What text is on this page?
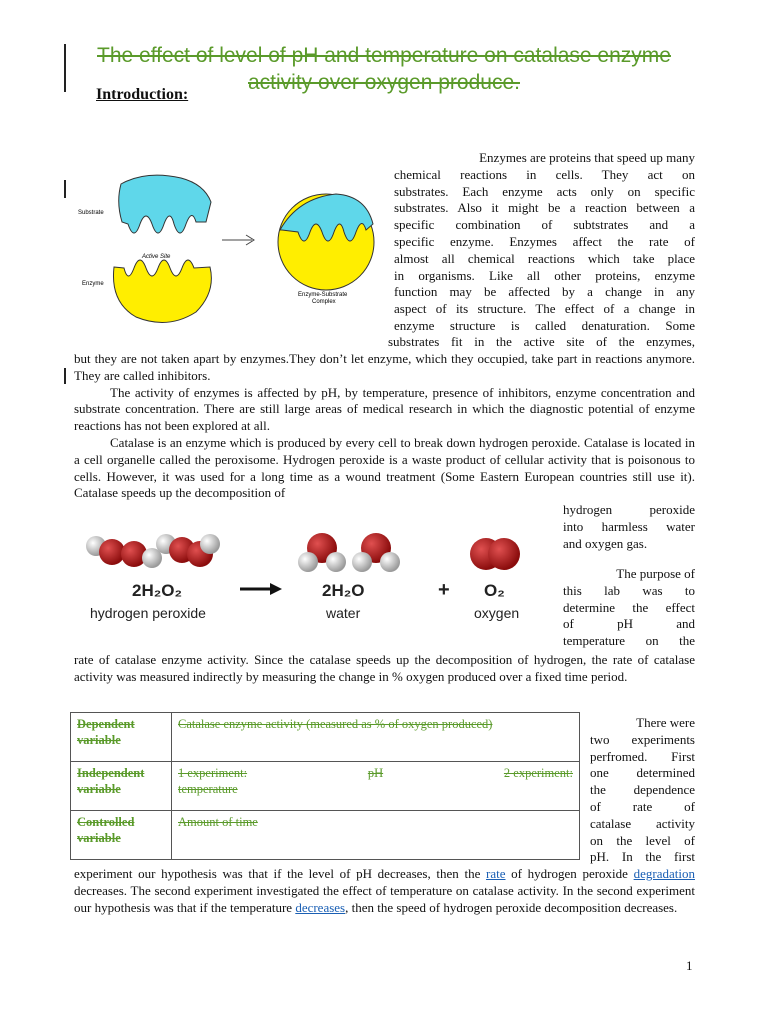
The effect of level of pH and temperature on catalase enzyme activity over oxygen produce.
Introduction:
Substrate
Active Site
Enzyme
Enzyme-Substrate
Complex
Enzymes are proteins that speed up many
chemical reactions in cells. They act on
substrates. Each enzyme acts only on specific
substrates. Also it might be a reaction between a
specific combination of subtstrates and a
specific enzyme. Enzymes affect the rate of
almost all chemical reactions which take place
in organisms. Like all other proteins, enzyme
function may be affected by a change in any
aspect of its structure. The effect of a change in
enzyme structure is called denaturation. Some
substrates fit in the active site of the enzymes,

but they are not taken apart by enzymes.They don’t let enzyme, which they occupied, take part in reactions anymore. They are called inhibitors.

The activity of enzymes is affected by pH, by temperature, presence of inhibitors, enzyme concentration and substrate concentration. There are still large areas of medical research in which the diagnostic potential of enzyme reactions has not been explored at all.

Catalase is an enzyme which is produced by every cell to break down hydrogen peroxide. Catalase is located in a cell organelle called the peroxisome. Hydrogen peroxide is a waste product of cellular activity that is poisonous to cells. However, it was used for a long time as a wound treatment (Some Eastern European countries still use it). Catalase speeds up the decomposition of

hydrogen peroxide
into harmless water
and oxygen gas.
2H₂O₂
hydrogen peroxide
2H₂O
water
+ O₂
oxygen
The purpose of
this lab was to
determine the effect
of pH and
temperature on the

rate of catalase enzyme activity. Since the catalase speeds up the decomposition of hydrogen, the rate of catalase activity was measured indirectly by measuring the change in % oxygen produced over a fixed time period.

Dependent variable	Catalase enzyme activity (measured as % of oxygen produced)
Independent variable	1 experiment: pH 2 experiment:
temperature

Controlled variable	Amount of time
There were
two experiments
perfromed. First
one determined
the dependence
of rate of
catalase activity
on the level of
pH. In the first

experiment our hypothesis was that if the level of pH decreases, then the rate of hydrogen peroxide degradation decreases. The second experiment investigated the effect of temperature on catalase activity. In the second experiment our hypothesis was that if the temperature decreases, then the speed of hydrogen peroxide decomposition decreases.

1
